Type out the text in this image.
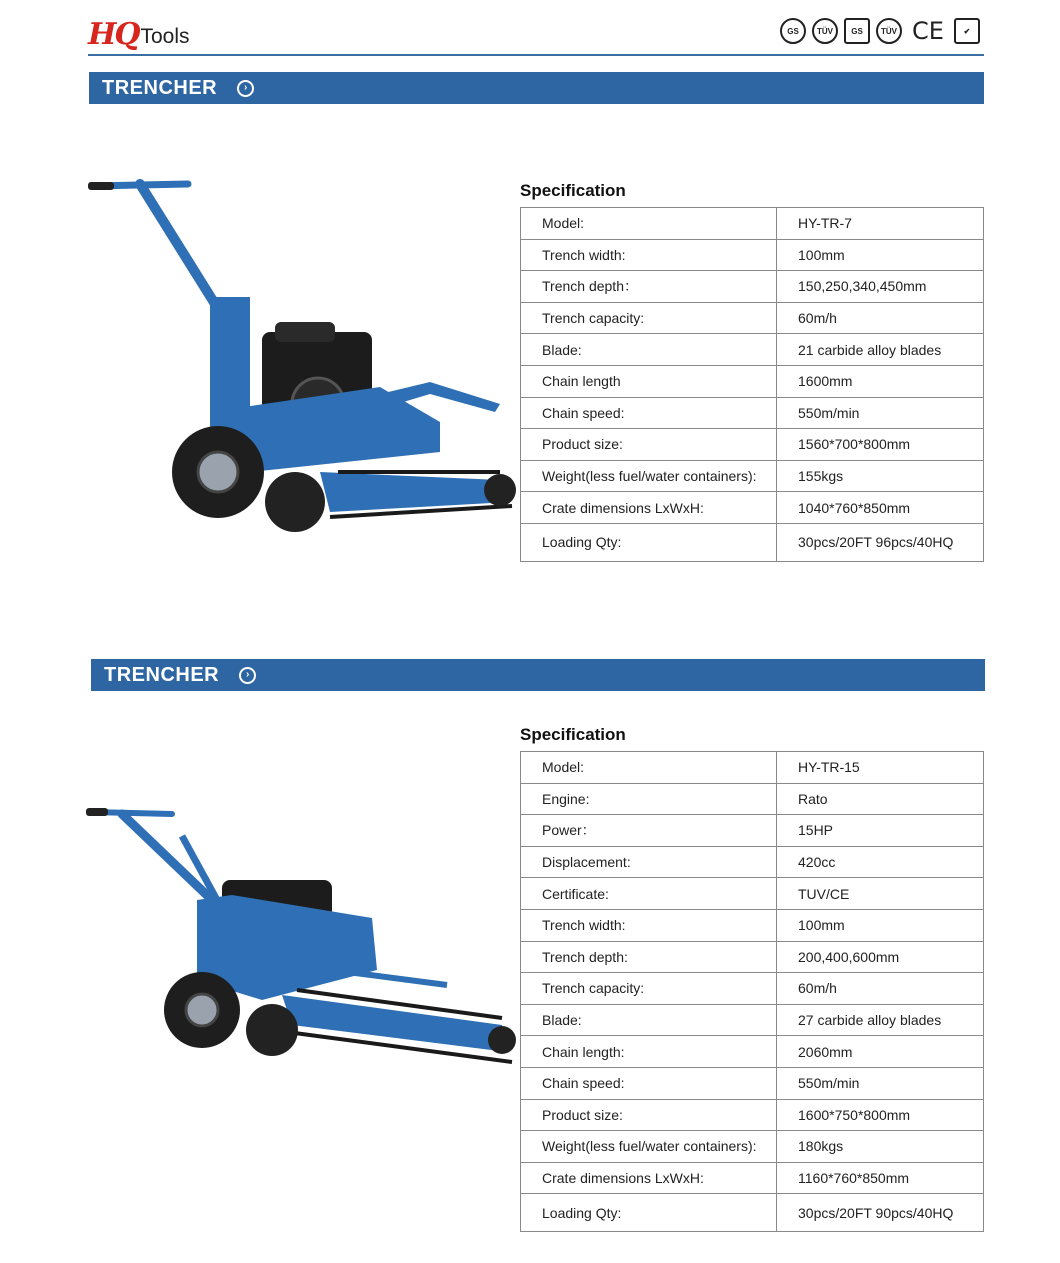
HQ Tools	GS	TÜV	GS	TÜV CE	✔
TRENCHER	›
Specification
Model:	HY-TR-7
Trench width:	100mm
Trench depth：	150,250,340,450mm
Trench capacity:	60m/h
Blade:	21 carbide alloy blades
Chain length	1600mm
Chain speed:	550m/min
Product size:	1560*700*800mm
Weight(less fuel/water containers):	155kgs
Crate dimensions LxWxH:	1040*760*850mm
Loading Qty:	30pcs/20FT 96pcs/40HQ
TRENCHER	›
Specification
Model:	HY-TR-15
Engine:	Rato
Power：	15HP
Displacement:	420cc
Certificate:	TUV/CE
Trench width:	100mm
Trench depth:	200,400,600mm
Trench capacity:	60m/h
Blade:	27 carbide alloy blades
Chain length:	2060mm
Chain speed:	550m/min
Product size:	1600*750*800mm
Weight(less fuel/water containers):	180kgs
Crate dimensions LxWxH:	1160*760*850mm
Loading Qty:	30pcs/20FT 90pcs/40HQ
